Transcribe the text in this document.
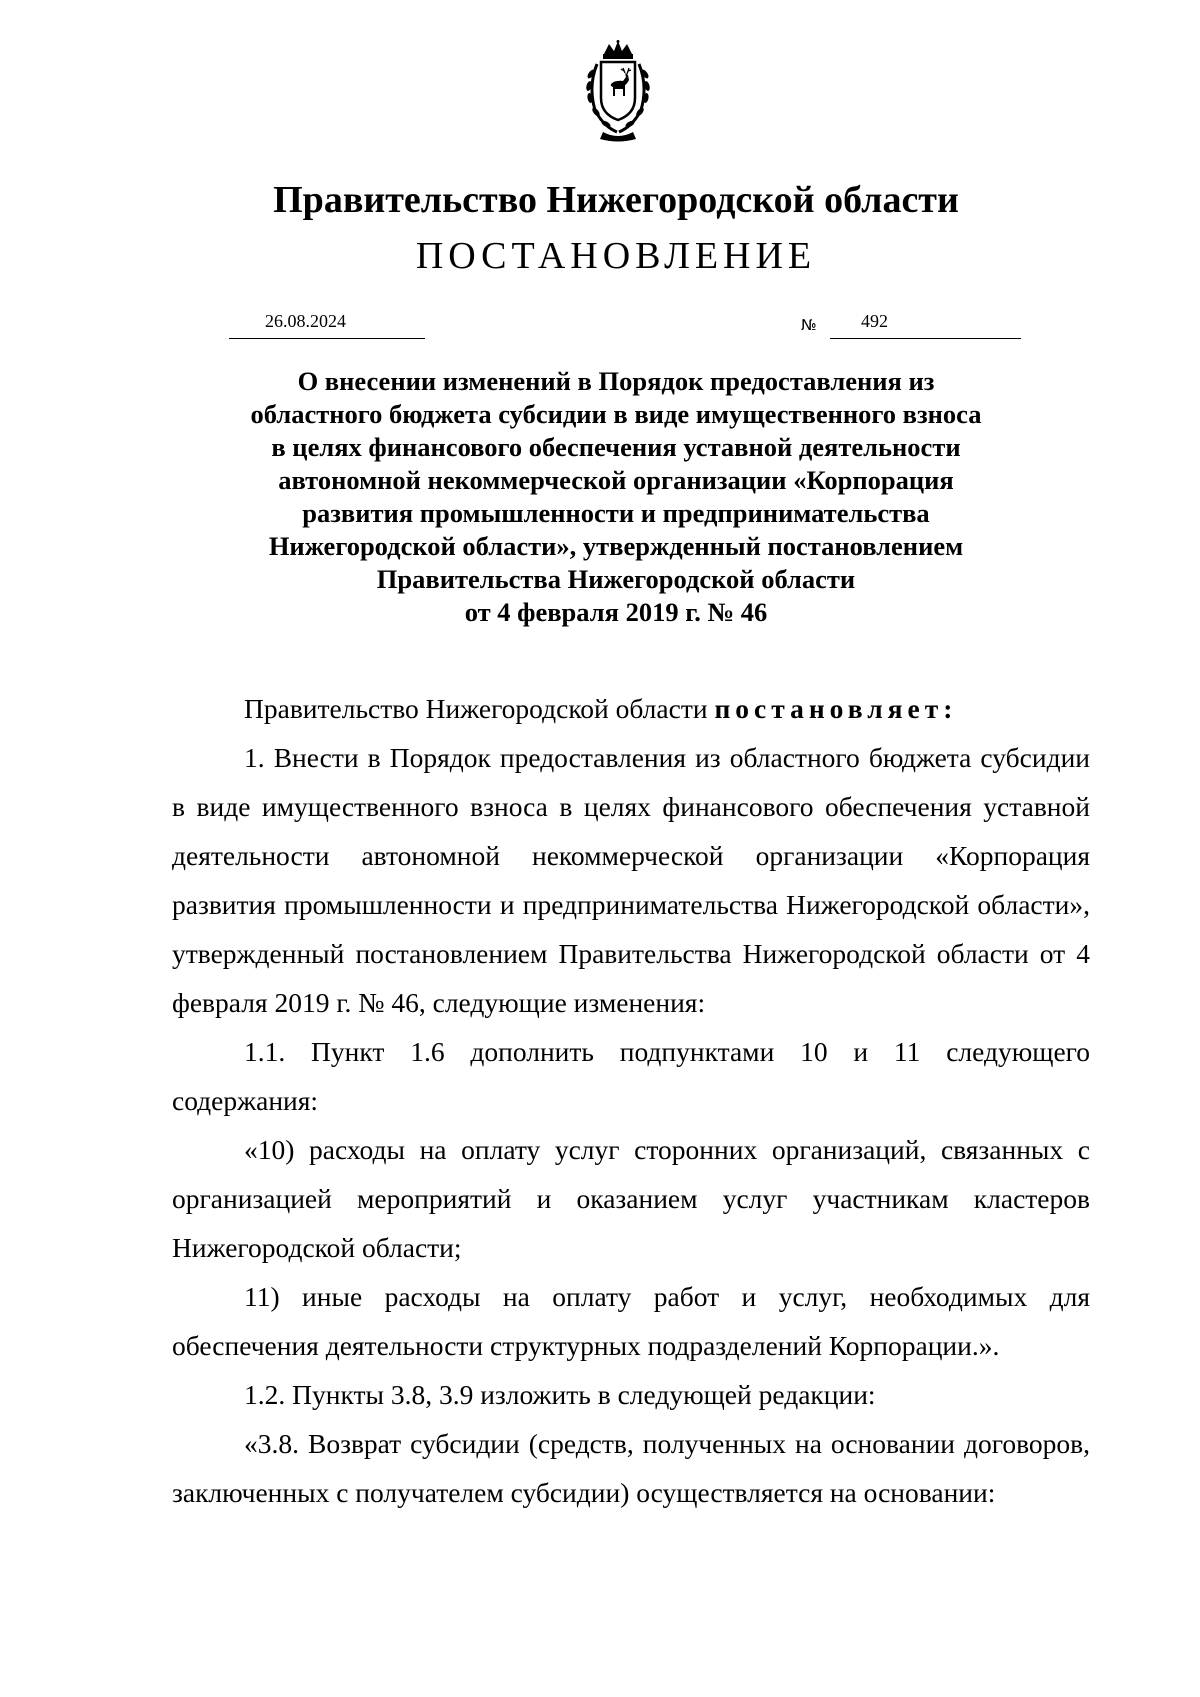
Правительство Нижегородской области
ПОСТАНОВЛЕНИЕ
26.08.2024	№ 492
О внесении изменений в Порядок предоставления из
областного бюджета субсидии в виде имущественного взноса
в целях финансового обеспечения уставной деятельности
автономной некоммерческой организации «Корпорация
развития промышленности и предпринимательства
Нижегородской области», утвержденный постановлением
Правительства Нижегородской области
от 4 февраля 2019 г. № 46

Правительство Нижегородской области постановляет:

1. Внести в Порядок предоставления из областного бюджета субсидии в виде имущественного взноса в целях финансового обеспечения уставной деятельности автономной некоммерческой организации «Корпорация развития промышленности и предпринимательства Нижегородской области», утвержденный постановлением Правительства Нижегородской области от 4 февраля 2019 г. № 46, следующие изменения:

1.1. Пункт 1.6 дополнить подпунктами 10 и 11 следующего содержания:

«10) расходы на оплату услуг сторонних организаций, связанных с организацией мероприятий и оказанием услуг участникам кластеров Нижегородской области;

11) иные расходы на оплату работ и услуг, необходимых для обеспечения деятельности структурных подразделений Корпорации.».

1.2. Пункты 3.8, 3.9 изложить в следующей редакции:

«3.8. Возврат субсидии (средств, полученных на основании договоров, заключенных с получателем субсидии) осуществляется на основании:
